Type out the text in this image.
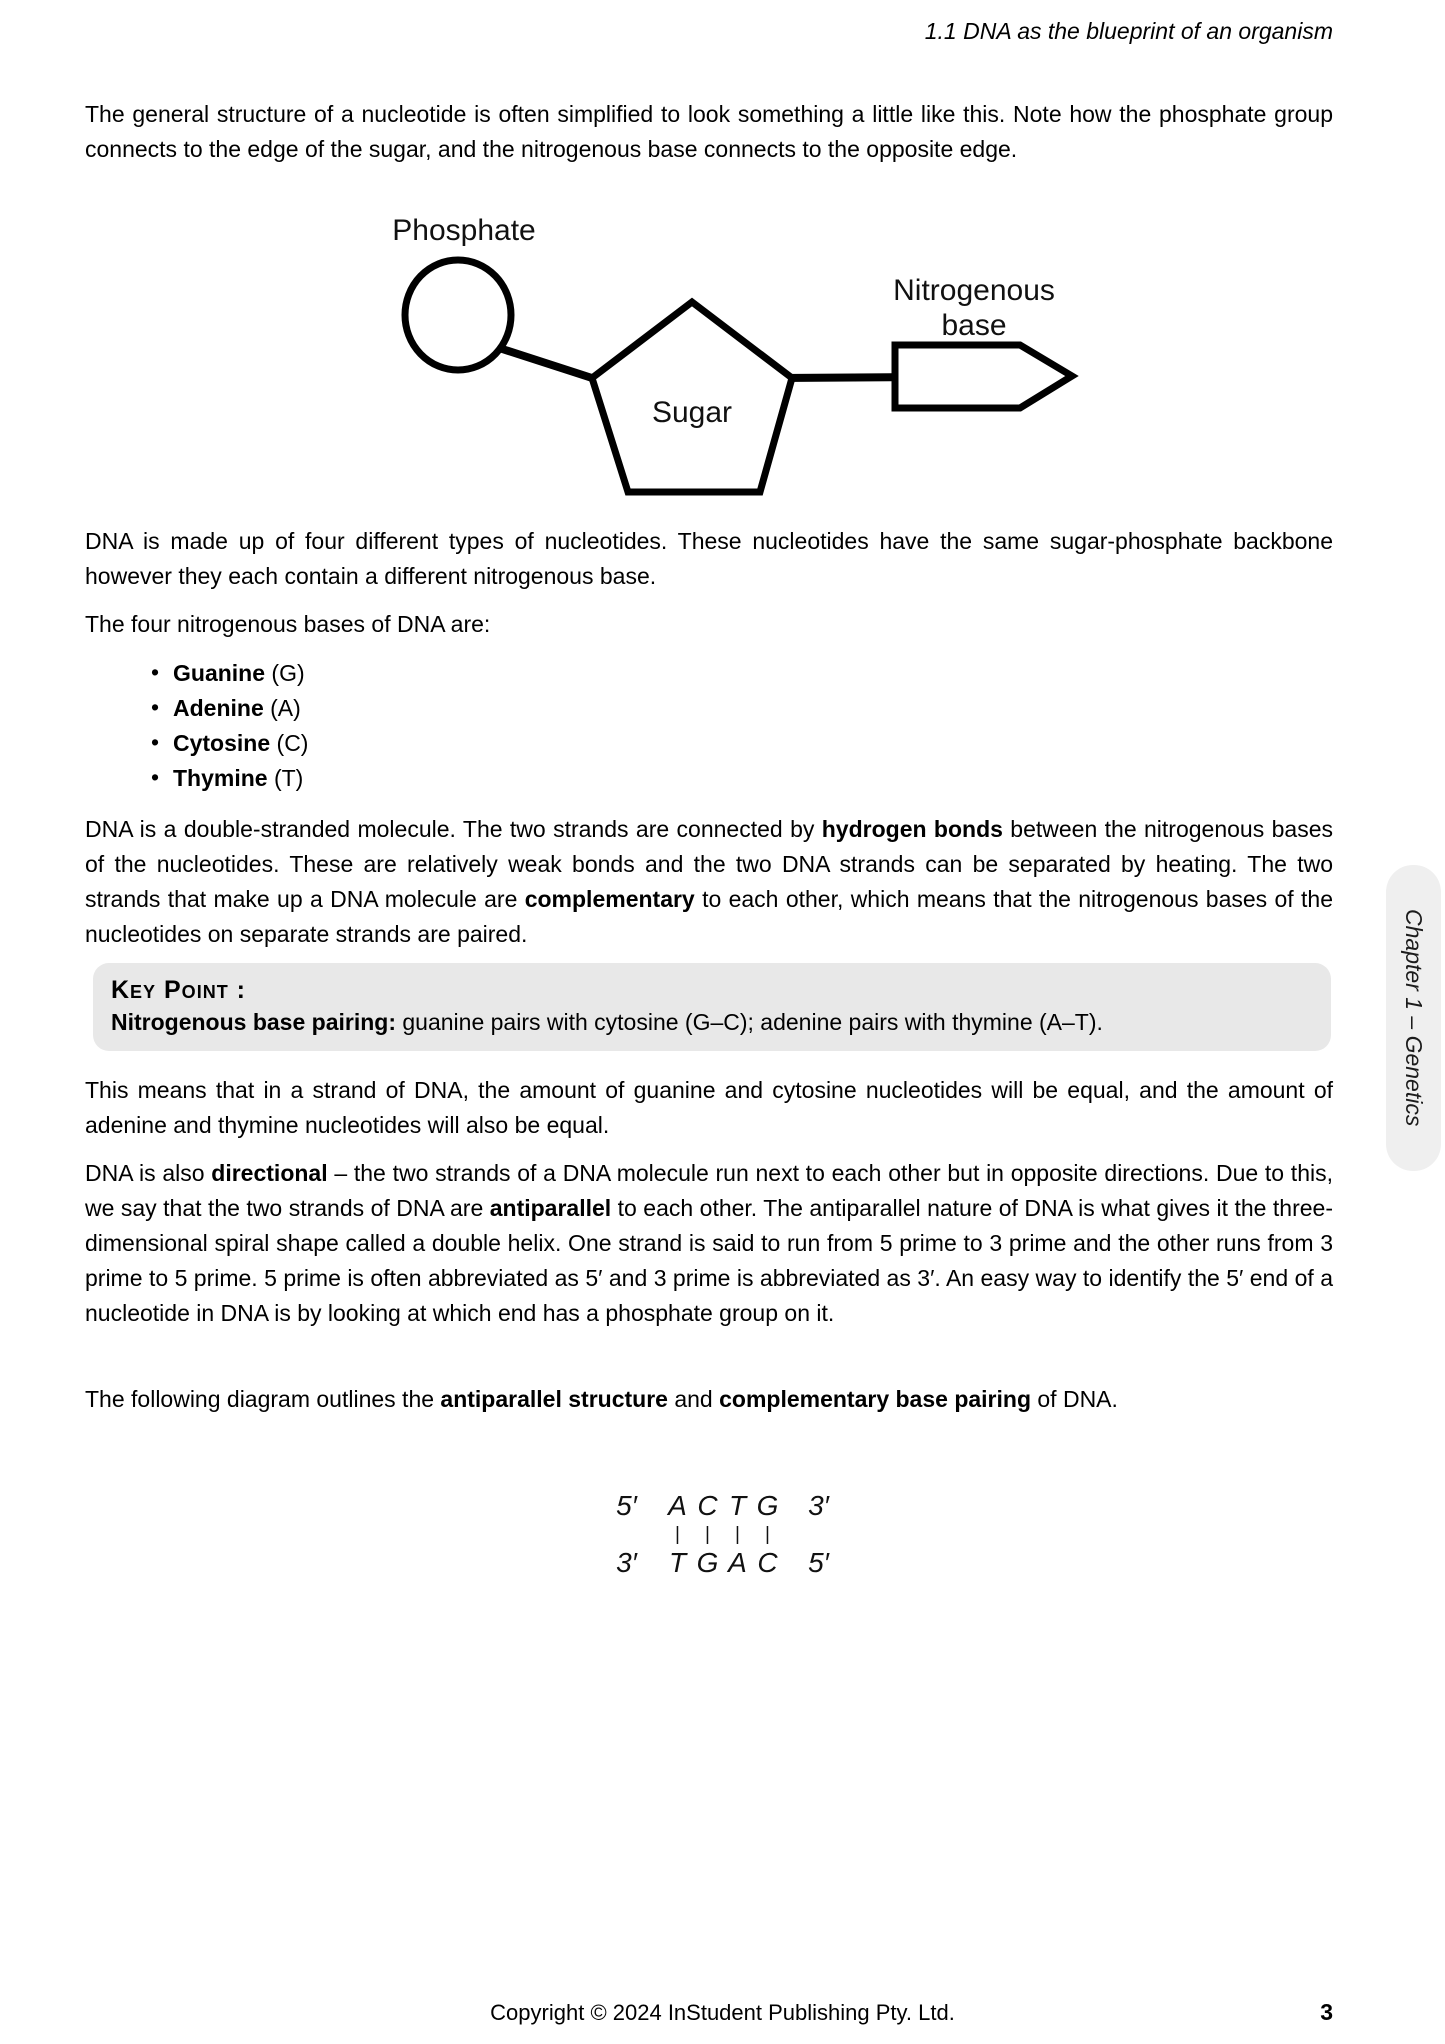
1.1 DNA as the blueprint of an organism

The general structure of a nucleotide is often simplified to look something a little like this. Note how the phosphate group connects to the edge of the sugar, and the nitrogenous base connects to the opposite edge.

Phosphate
Sugar
Nitrogenous
base

DNA is made up of four different types of nucleotides. These nucleotides have the same sugar-phosphate backbone however they each contain a different nitrogenous base.

The four nitrogenous bases of DNA are:

• Guanine (G)
• Adenine (A)
• Cytosine (C)
• Thymine (T)

DNA is a double-stranded molecule. The two strands are connected by hydrogen bonds between the nitrogenous bases of the nucleotides. These are relatively weak bonds and the two DNA strands can be separated by heating. The two strands that make up a DNA molecule are complementary to each other, which means that the nitrogenous bases of the nucleotides on separate strands are paired.

Key Point :
Nitrogenous base pairing: guanine pairs with cytosine (G–C); adenine pairs with thymine (A–T).

This means that in a strand of DNA, the amount of guanine and cytosine nucleotides will be equal, and the amount of adenine and thymine nucleotides will also be equal.

DNA is also directional – the two strands of a DNA molecule run next to each other but in opposite directions. Due to this, we say that the two strands of DNA are antiparallel to each other. The antiparallel nature of DNA is what gives it the three-dimensional spiral shape called a double helix. One strand is said to run from 5 prime to 3 prime and the other runs from 3 prime to 5 prime. 5 prime is often abbreviated as 5′ and 3 prime is abbreviated as 3′. An easy way to identify the 5′ end of a nucleotide in DNA is by looking at which end has a phosphate group on it.

The following diagram outlines the antiparallel structure and complementary base pairing of DNA.

5′	A C T G	3′
|	|	|	|
3′	T G A C	5′
Chapter 1 – Genetics
Copyright © 2024 InStudent Publishing Pty. Ltd.	3
